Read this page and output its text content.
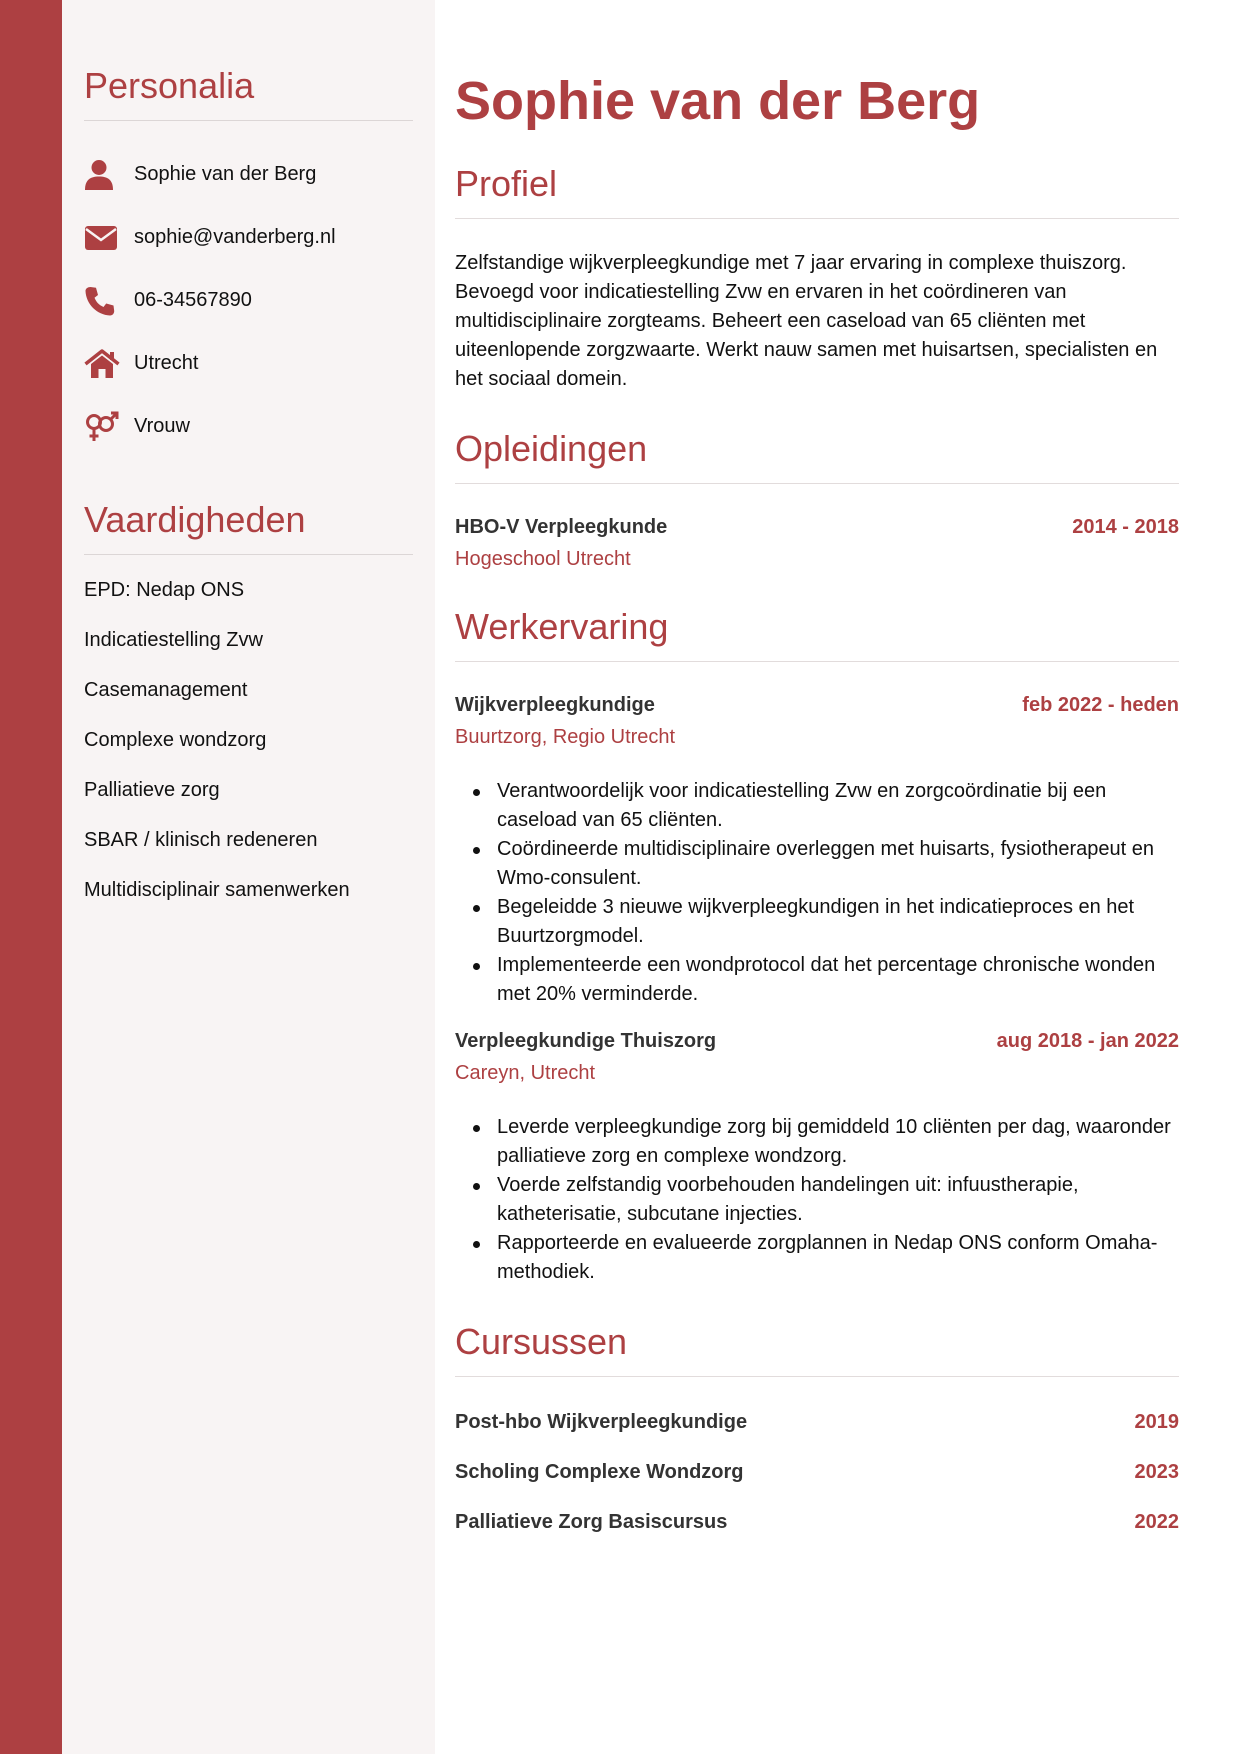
Personalia
Sophie van der Berg
sophie@vanderberg.nl
06-34567890
Utrecht
Vrouw
Vaardigheden
EPD: Nedap ONS
Indicatiestelling Zvw
Casemanagement
Complexe wondzorg
Palliatieve zorg
SBAR / klinisch redeneren
Multidisciplinair samenwerken
Sophie van der Berg
Profiel

Zelfstandige wijkverpleegkundige met 7 jaar ervaring in complexe thuiszorg. Bevoegd voor indicatiestelling Zvw en ervaren in het coördineren van multidisciplinaire zorgteams. Beheert een caseload van 65 cliënten met uiteenlopende zorgzwaarte. Werkt nauw samen met huisartsen, specialisten en het sociaal domein.

Opleidingen
HBO-V Verpleegkunde	2014 - 2018
Hogeschool Utrecht
Werkervaring
Wijkverpleegkundige	feb 2022 - heden
Buurtzorg, Regio Utrecht
Verantwoordelijk voor indicatiestelling Zvw en zorgcoördinatie bij een caseload van 65 cliënten.
Coördineerde multidisciplinaire overleggen met huisarts, fysiotherapeut en Wmo-consulent.
Begeleidde 3 nieuwe wijkverpleegkundigen in het indicatieproces en het Buurtzorgmodel.
Implementeerde een wondprotocol dat het percentage chronische wonden met 20% verminderde.
Verpleegkundige Thuiszorg	aug 2018 - jan 2022
Careyn, Utrecht
Leverde verpleegkundige zorg bij gemiddeld 10 cliënten per dag, waaronder palliatieve zorg en complexe wondzorg.
Voerde zelfstandig voorbehouden handelingen uit: infuustherapie, katheterisatie, subcutane injecties.
Rapporteerde en evalueerde zorgplannen in Nedap ONS conform Omaha-methodiek.
Cursussen
Post-hbo Wijkverpleegkundige	2019
Scholing Complexe Wondzorg	2023
Palliatieve Zorg Basiscursus	2022
